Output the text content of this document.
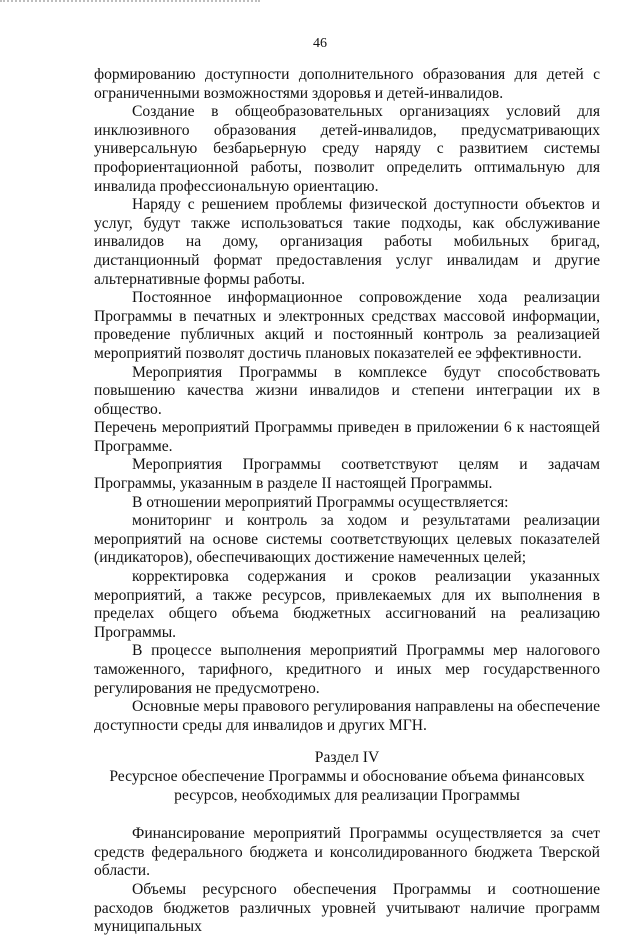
46

формированию доступности дополнительного образования для детей с ограниченными возможностями здоровья и детей-инвалидов.

Создание в общеобразовательных организациях условий для инклюзивного образования детей-инвалидов, предусматривающих универсальную безбарьерную среду наряду с развитием системы профориентационной работы, позволит определить оптимальную для инвалида профессиональную ориентацию.

Наряду с решением проблемы физической доступности объектов и услуг, будут также использоваться такие подходы, как обслуживание инвалидов на дому, организация работы мобильных бригад, дистанционный формат предоставления услуг инвалидам и другие альтернативные формы работы.

Постоянное информационное сопровождение хода реализации Программы в печатных и электронных средствах массовой информации, проведение публичных акций и постоянный контроль за реализацией мероприятий позволят достичь плановых показателей ее эффективности.

Мероприятия Программы в комплексе будут способствовать повышению качества жизни инвалидов и степени интеграции их в общество.

Перечень мероприятий Программы приведен в приложении 6 к настоящей Программе.

Мероприятия Программы соответствуют целям и задачам Программы, указанным в разделе II настоящей Программы.

В отношении мероприятий Программы осуществляется:

мониторинг и контроль за ходом и результатами реализации мероприятий на основе системы соответствующих целевых показателей (индикаторов), обеспечивающих достижение намеченных целей;

корректировка содержания и сроков реализации указанных мероприятий, а также ресурсов, привлекаемых для их выполнения в пределах общего объема бюджетных ассигнований на реализацию Программы.

В процессе выполнения мероприятий Программы мер налогового таможенного, тарифного, кредитного и иных мер государственного регулирования не предусмотрено.

Основные меры правового регулирования направлены на обеспечение доступности среды для инвалидов и других МГН.

Раздел IV

Ресурсное обеспечение Программы и обоснование объема финансовых

ресурсов, необходимых для реализации Программы

Финансирование мероприятий Программы осуществляется за счет средств федерального бюджета и консолидированного бюджета Тверской области.

Объемы ресурсного обеспечения Программы и соотношение расходов бюджетов различных уровней учитывают наличие программ муниципальных
